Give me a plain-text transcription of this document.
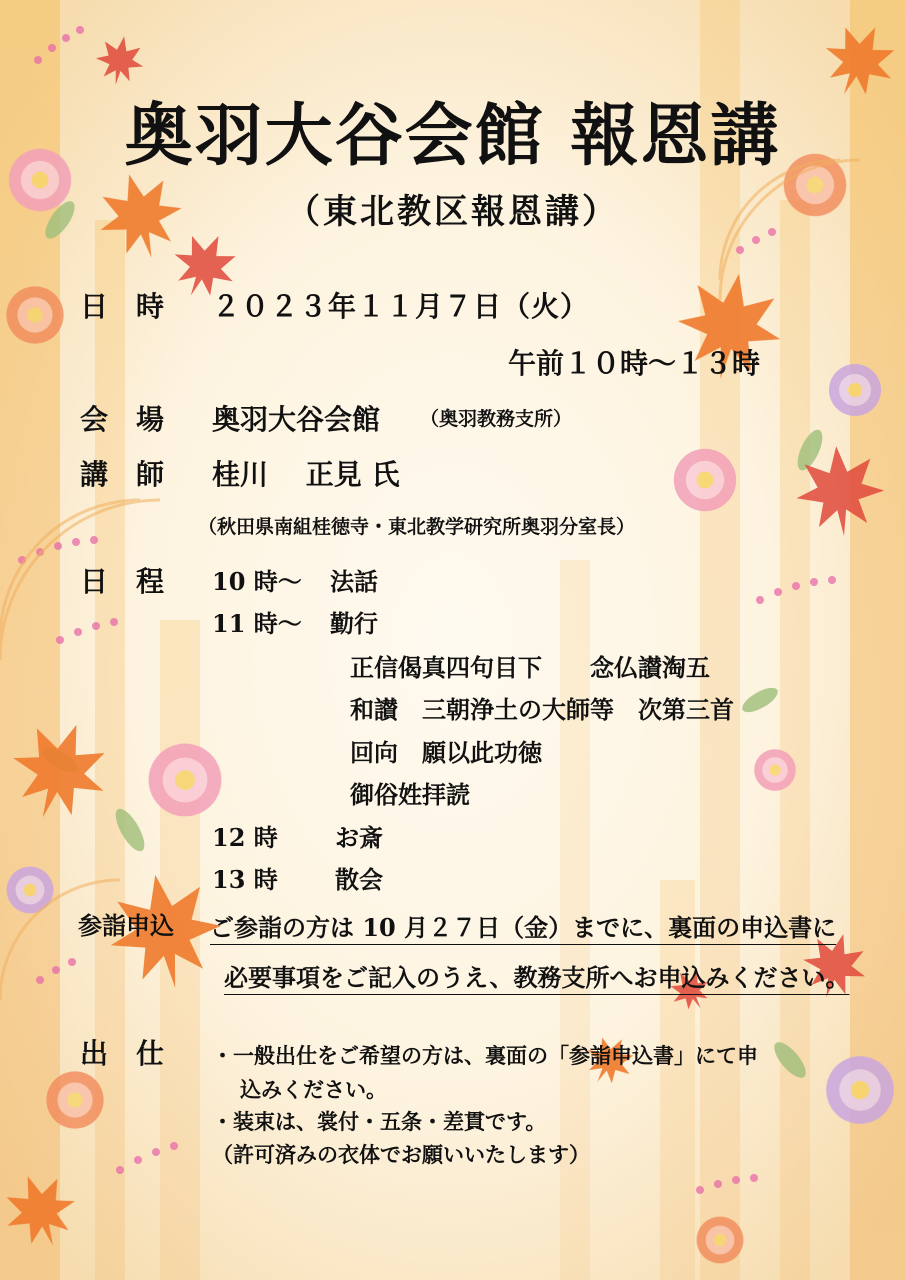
奥羽大谷会館 報恩講

（東北教区報恩講）

日　時 ２０２３年１１月７日（火）

午前１０時～１３時

会　場 奥羽大谷会館 （奥羽教務支所）

講　師 桂川　 正見 氏

（秋田県南組桂徳寺・東北教学研究所奥羽分室長）

日　程 10 時～ 法話

11 時～ 勤行

正信偈真四句目下　　念仏讃淘五

和讃　三朝浄土の大師等　次第三首

回向　願以此功徳

御俗姓拝読

12 時 お斎

13 時 散会

参詣申込 ご参詣の方は 10 月２７日（金）までに、裏面の申込書に

必要事項をご記入のうえ、教務支所へお申込みください。

出　仕 ・一般出仕をご希望の方は、裏面の「参詣申込書」にて申

込みください。

・装束は、裳付・五条・差貫です。

（許可済みの衣体でお願いいたします）
